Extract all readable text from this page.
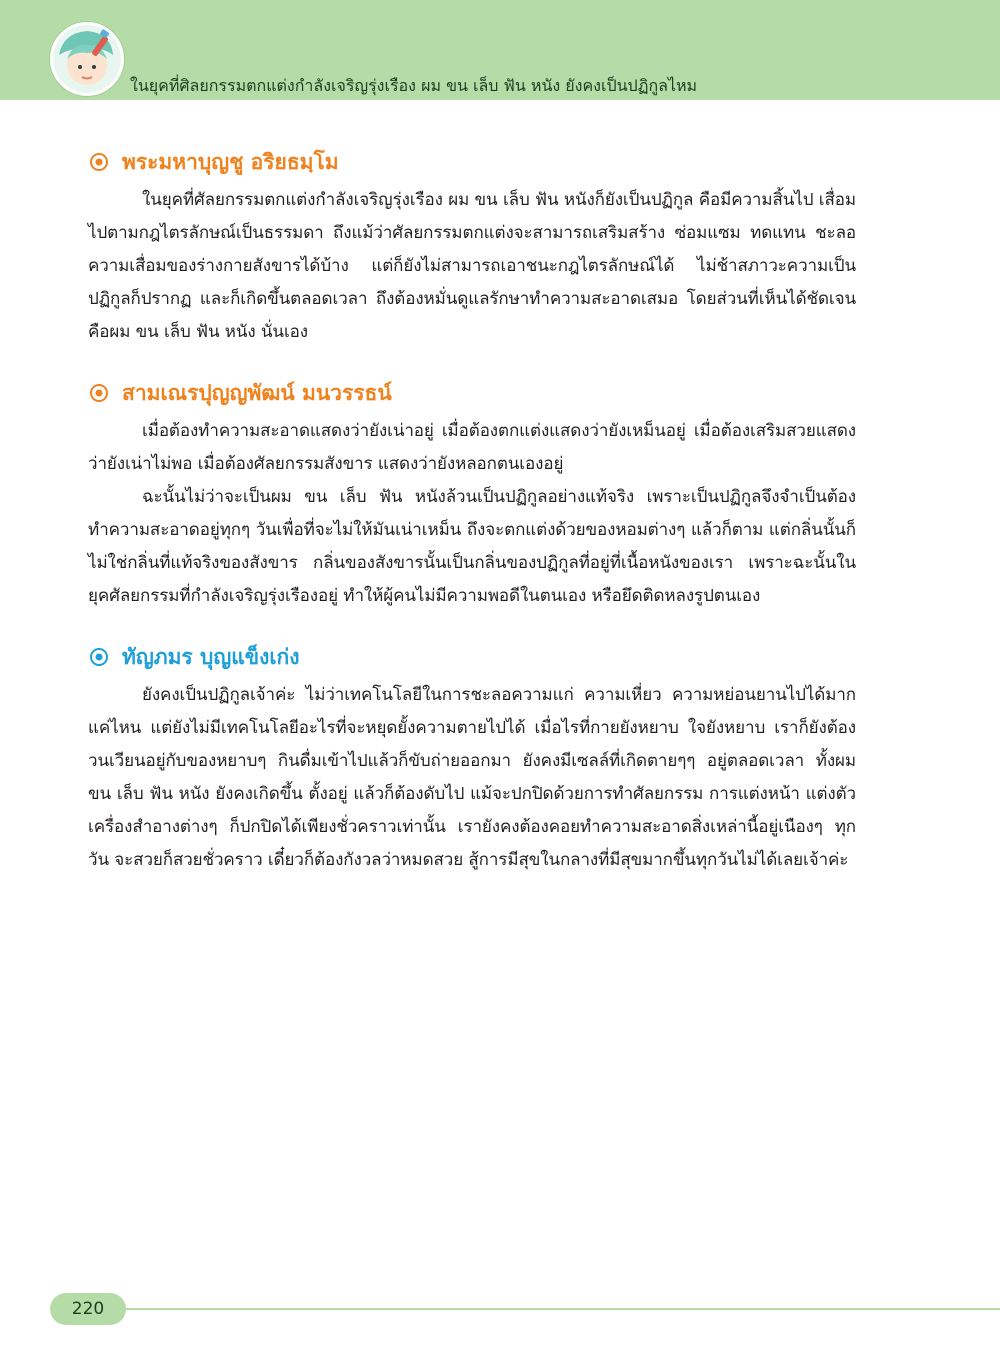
ในยุคที่ศิลยกรรมตกแต่งกำลังเจริญรุ่งเรือง ผม ขน เล็บ ฟัน หนัง ยังคงเป็นปฏิกูลไหม
พระมหาบุญชู อริยธมฺโม

ในยุคที่ศัลยกรรมตกแต่งกำลังเจริญรุ่งเรือง ผม ขน เล็บ ฟัน หนังก็ยังเป็นปฏิกูล คือมีความสิ้นไป เสื่อมไปตามกฎไตรลักษณ์เป็นธรรมดา ถึงแม้ว่าศัลยกรรมตกแต่งจะสามารถเสริมสร้าง ซ่อมแซม ทดแทน ชะลอความเสื่อมของร่างกายสังขารได้บ้าง แต่ก็ยังไม่สามารถเอาชนะกฎไตรลักษณ์ได้ ไม่ช้าสภาวะความเป็นปฏิกูลก็ปรากฏ และก็เกิดขึ้นตลอดเวลา ถึงต้องหมั่นดูแลรักษาทำความสะอาดเสมอ โดยส่วนที่เห็นได้ชัดเจนคือผม ขน เล็บ ฟัน หนัง นั่นเอง

สามเณรปุญญพัฒน์ มนวรรธน์

เมื่อต้องทำความสะอาดแสดงว่ายังเน่าอยู่ เมื่อต้องตกแต่งแสดงว่ายังเหม็นอยู่ เมื่อต้องเสริมสวยแสดงว่ายังเน่าไม่พอ เมื่อต้องศัลยกรรมสังขาร แสดงว่ายังหลอกตนเองอยู่

ฉะนั้นไม่ว่าจะเป็นผม ขน เล็บ ฟัน หนังล้วนเป็นปฏิกูลอย่างแท้จริง เพราะเป็นปฏิกูลจึงจำเป็นต้องทำความสะอาดอยู่ทุกๆ วันเพื่อที่จะไม่ให้มันเน่าเหม็น ถึงจะตกแต่งด้วยของหอมต่างๆ แล้วก็ตาม แต่กลิ่นนั้นก็ไม่ใช่กลิ่นที่แท้จริงของสังขาร กลิ่นของสังขารนั้นเป็นกลิ่นของปฏิกูลที่อยู่ที่เนื้อหนังของเรา เพราะฉะนั้นในยุคศัลยกรรมที่กำลังเจริญรุ่งเรืองอยู่ ทำให้ผู้คนไม่มีความพอดีในตนเอง หรือยึดติดหลงรูปตนเอง

ทัญภมร บุญแข็งเก่ง

ยังคงเป็นปฏิกูลเจ้าค่ะ ไม่ว่าเทคโนโลยีในการชะลอความแก่ ความเหี่ยว ความหย่อนยานไปได้มากแค่ไหน แต่ยังไม่มีเทคโนโลยีอะไรที่จะหยุดยั้งความตายไปได้ เมื่อไรที่กายยังหยาบ ใจยังหยาบ เราก็ยังต้องวนเวียนอยู่กับของหยาบๆ กินดื่มเข้าไปแล้วก็ขับถ่ายออกมา ยังคงมีเซลล์ที่เกิดตายๆๆ อยู่ตลอดเวลา ทั้งผม ขน เล็บ ฟัน หนัง ยังคงเกิดขึ้น ตั้งอยู่ แล้วก็ต้องดับไป แม้จะปกปิดด้วยการทำศัลยกรรม การแต่งหน้า แต่งตัว เครื่องสำอางต่างๆ ก็ปกปิดได้เพียงชั่วคราวเท่านั้น เรายังคงต้องคอยทำความสะอาดสิ่งเหล่านี้อยู่เนืองๆ ทุกวัน จะสวยก็สวยชั่วคราว เดี๋ยวก็ต้องกังวลว่าหมดสวย สู้การมีสุขในกลางที่มีสุขมากขึ้นทุกวันไม่ได้เลยเจ้าค่ะ

220
